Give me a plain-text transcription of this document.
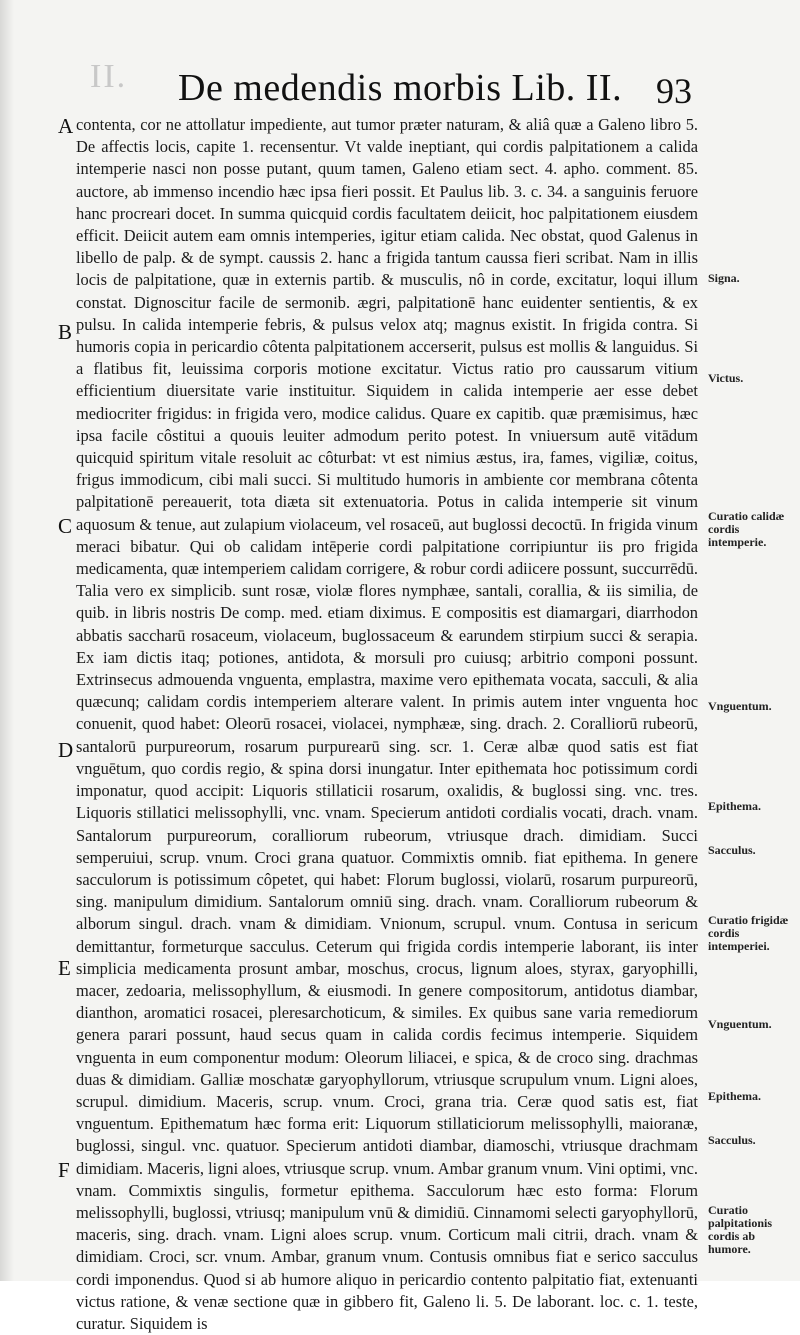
II.	De medendis morbis Lib. II. 93
A
B
C
D
E
F
Signa.
Victus.
Curatio calidæ cordis intemperie.
Vnguentum.
Epithema.
Sacculus.
Curatio frigidæ cordis intemperiei.
Vnguentum.
Epithema.
Sacculus.
Curatio palpitationis cordis ab humore.

contenta, cor ne attollatur impediente, aut tumor præter naturam, & aliâ quæ a Galeno libro 5. De affectis locis, capite 1. recensentur. Vt valde ineptiant, qui cordis palpitationem a calida intemperie nasci non posse putant, quum tamen, Galeno etiam sect. 4. apho. comment. 85. auctore, ab immenso incendio hæc ipsa fieri possit. Et Paulus lib. 3. c. 34. a sanguinis feruore hanc procreari docet. In summa quicquid cordis facultatem deiicit, hoc palpitationem eiusdem efficit. Deiicit autem eam omnis intemperies, igitur etiam calida. Nec obstat, quod Galenus in libello de palp. & de sympt. caussis 2. hanc a frigida tantum caussa fieri scribat. Nam in illis locis de palpitatione, quæ in externis partib. & musculis, nô in corde, excitatur, loqui illum constat. Dignoscitur facile de sermonib. ægri, palpitationē hanc euidenter sentientis, & ex pulsu. In calida intemperie febris, & pulsus velox atq; magnus existit. In frigida contra. Si humoris copia in pericardio côtenta palpitationem accerserit, pulsus est mollis & languidus. Si a flatibus fit, leuissima corporis motione excitatur. Victus ratio pro caussarum vitium efficientium diuersitate varie instituitur. Siquidem in calida intemperie aer esse debet mediocriter frigidus: in frigida vero, modice calidus. Quare ex capitib. quæ præmisimus, hæc ipsa facile côstitui a quouis leuiter admodum perito potest. In vniuersum autē vitādum quicquid spiritum vitale resoluit ac côturbat: vt est nimius æstus, ira, fames, vigiliæ, coitus, frigus immodicum, cibi mali succi. Si multitudo humoris in ambiente cor membrana côtenta palpitationē pereauerit, tota diæta sit extenuatoria. Potus in calida intemperie sit vinum aquosum & tenue, aut zulapium violaceum, vel rosaceū, aut buglossi decoctū. In frigida vinum meraci bibatur. Qui ob calidam intēperie cordi palpitatione corripiuntur iis pro frigida medicamenta, quæ intemperiem calidam corrigere, & robur cordi adiicere possunt, succurrēdū. Talia vero ex simplicib. sunt rosæ, violæ flores nymphæe, santali, corallia, & iis similia, de quib. in libris nostris De comp. med. etiam diximus. E compositis est diamargari, diarrhodon abbatis saccharū rosaceum, violaceum, buglossaceum & earundem stirpium succi & serapia. Ex iam dictis itaq; potiones, antidota, & morsuli pro cuiusq; arbitrio componi possunt. Extrinsecus admouenda vnguenta, emplastra, maxime vero epithemata vocata, sacculi, & alia quæcunq; calidam cordis intemperiem alterare valent. In primis autem inter vnguenta hoc conuenit, quod habet: Oleorū rosacei, violacei, nymphææ, sing. drach. 2. Coralliorū rubeorū, santalorū purpureorum, rosarum purpurearū sing. scr. 1. Ceræ albæ quod satis est fiat vnguētum, quo cordis regio, & spina dorsi inungatur. Inter epithemata hoc potissimum cordi imponatur, quod accipit: Liquoris stillaticii rosarum, oxalidis, & buglossi sing. vnc. tres. Liquoris stillatici melissophylli, vnc. vnam. Specierum antidoti cordialis vocati, drach. vnam. Santalorum purpureorum, coralliorum rubeorum, vtriusque drach. dimidiam. Succi semperuiui, scrup. vnum. Croci grana quatuor. Commixtis omnib. fiat epithema. In genere sacculorum is potissimum côpetet, qui habet: Florum buglossi, violarū, rosarum purpureorū, sing. manipulum dimidium. Santalorum omniū sing. drach. vnam. Coralliorum rubeorum & alborum singul. drach. vnam & dimidiam. Vnionum, scrupul. vnum. Contusa in sericum demittantur, formeturque sacculus. Ceterum qui frigida cordis intemperie laborant, iis inter simplicia medicamenta prosunt ambar, moschus, crocus, lignum aloes, styrax, garyophilli, macer, zedoaria, melissophyllum, & eiusmodi. In genere compositorum, antidotus diambar, dianthon, aromatici rosacei, pleresarchoticum, & similes. Ex quibus sane varia remediorum genera parari possunt, haud secus quam in calida cordis fecimus intemperie. Siquidem vnguenta in eum componentur modum: Oleorum liliacei, e spica, & de croco sing. drachmas duas & dimidiam. Galliæ moschatæ garyophyllorum, vtriusque scrupulum vnum. Ligni aloes, scrupul. dimidium. Maceris, scrup. vnum. Croci, grana tria. Ceræ quod satis est, fiat vnguentum. Epithematum hæc forma erit: Liquorum stillaticiorum melissophylli, maioranæ, buglossi, singul. vnc. quatuor. Specierum antidoti diambar, diamoschi, vtriusque drachmam dimidiam. Maceris, ligni aloes, vtriusque scrup. vnum. Ambar granum vnum. Vini optimi, vnc. vnam. Commixtis singulis, formetur epithema. Sacculorum hæc esto forma: Florum melissophylli, buglossi, vtriusq; manipulum vnū & dimidiū. Cinnamomi selecti garyophyllorū, maceris, sing. drach. vnam. Ligni aloes scrup. vnum. Corticum mali citrii, drach. vnam & dimidiam. Croci, scr. vnum. Ambar, granum vnum. Contusis omnibus fiat e serico sacculus cordi imponendus. Quod si ab humore aliquo in pericardio contento palpitatio fiat, extenuanti victus ratione, & venæ sectione quæ in gibbero fit, Galeno li. 5. De laborant. loc. c. 1. teste, curatur. Siquidem is
